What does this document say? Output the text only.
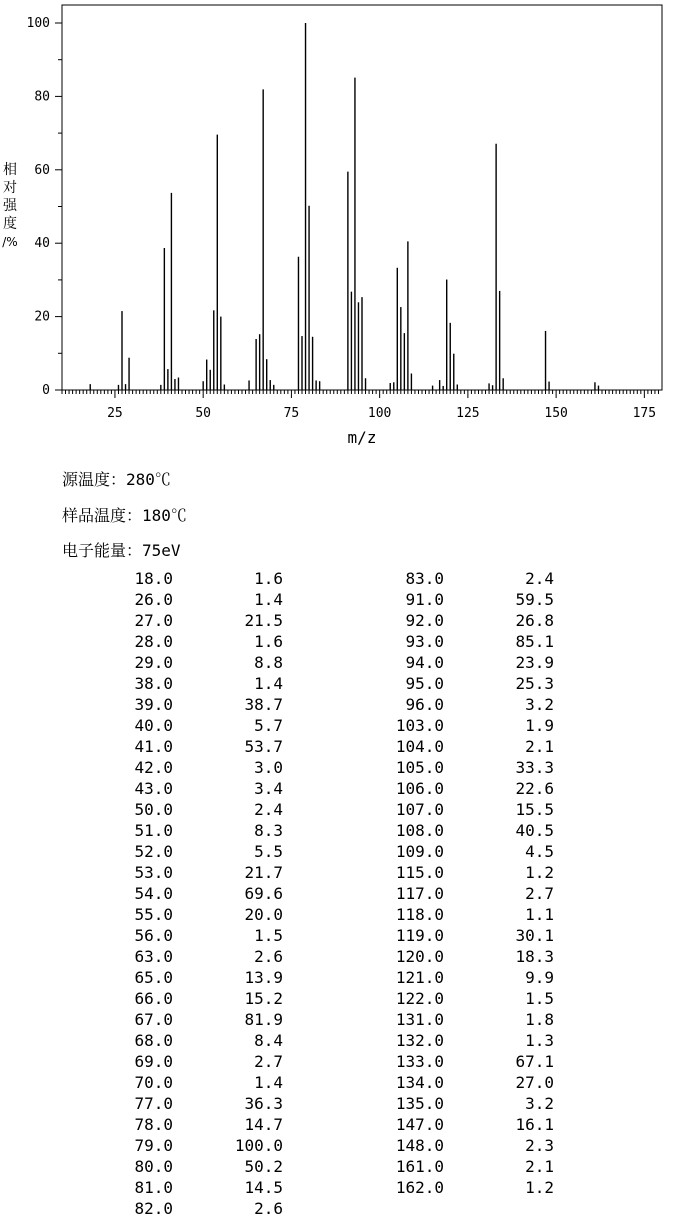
0
20
40
60
80
100
25	50	75	100	125	150	175
m/z
相
对
强
度
/%
源温度：280℃
样品温度：180℃
电子能量：75eV
18.0	1.6
26.0	1.4
27.0	21.5
28.0	1.6
29.0	8.8
38.0	1.4
39.0	38.7
40.0	5.7
41.0	53.7
42.0	3.0
43.0	3.4
50.0	2.4
51.0	8.3
52.0	5.5
53.0	21.7
54.0	69.6
55.0	20.0
56.0	1.5
63.0	2.6
65.0	13.9
66.0	15.2
67.0	81.9
68.0	8.4
69.0	2.7
70.0	1.4
77.0	36.3
78.0	14.7
79.0	100.0
80.0	50.2
81.0	14.5
82.0	2.6
83.0	2.4
91.0	59.5
92.0	26.8
93.0	85.1
94.0	23.9
95.0	25.3
96.0	3.2
103.0	1.9
104.0	2.1
105.0	33.3
106.0	22.6
107.0	15.5
108.0	40.5
109.0	4.5
115.0	1.2
117.0	2.7
118.0	1.1
119.0	30.1
120.0	18.3
121.0	9.9
122.0	1.5
131.0	1.8
132.0	1.3
133.0	67.1
134.0	27.0
135.0	3.2
147.0	16.1
148.0	2.3
161.0	2.1
162.0	1.2
